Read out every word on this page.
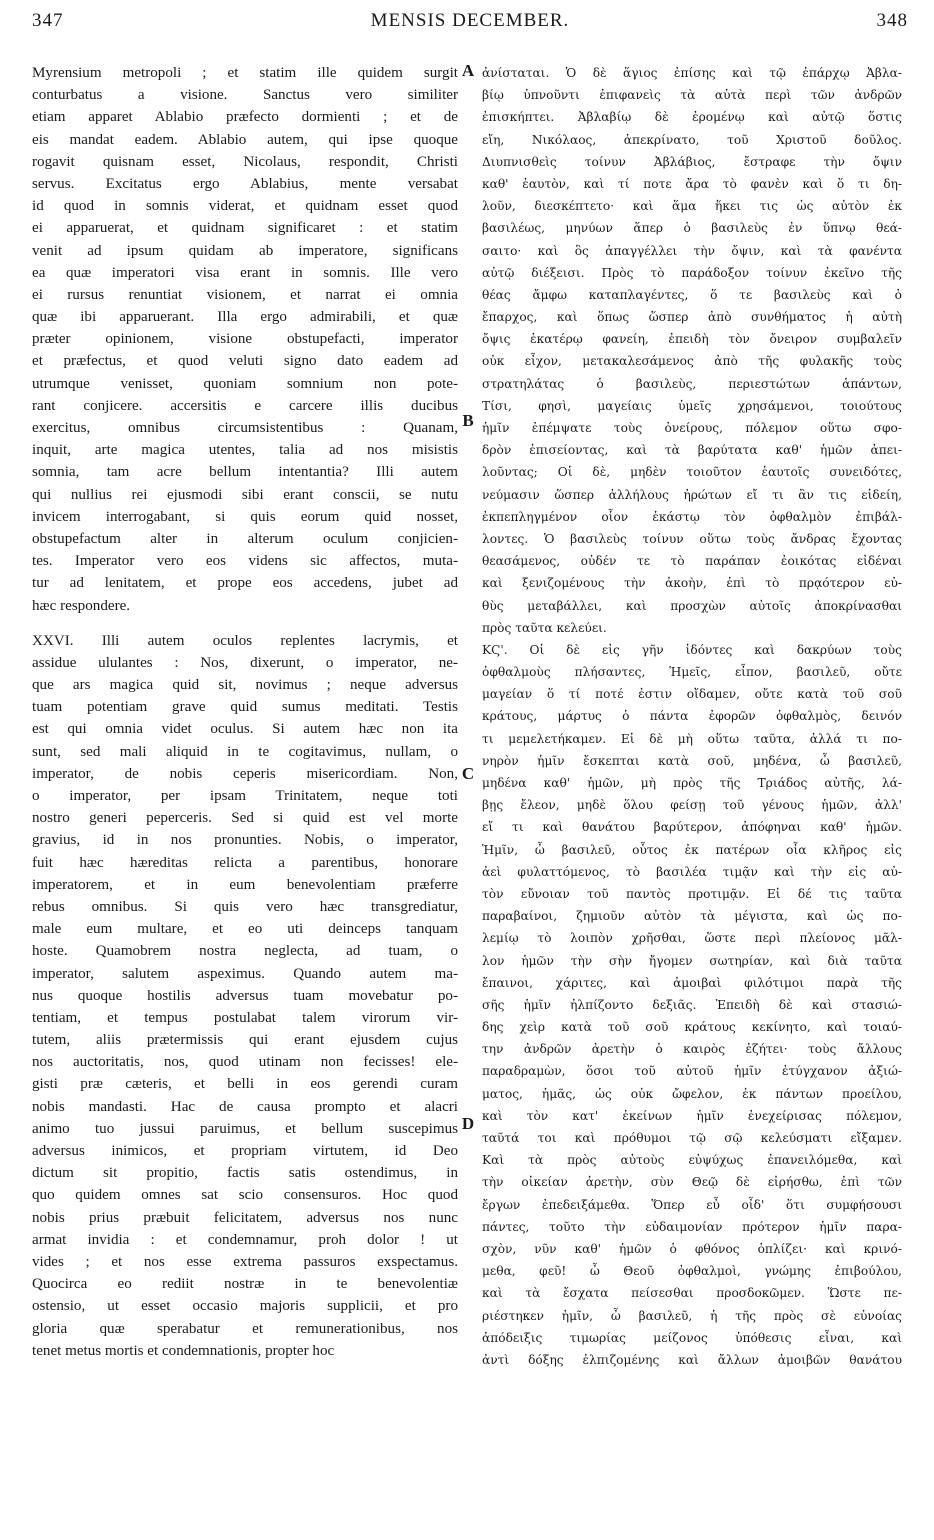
347	MENSIS DECEMBER.	348
Myrensium metropoli ; et statim ille quidem surgit
conturbatus a visione. Sanctus vero similiter
etiam apparet Ablabio præfecto dormienti ; et de
eis mandat eadem. Ablabio autem, qui ipse quoque
rogavit quisnam esset, Nicolaus, respondit, Christi
servus. Excitatus ergo Ablabius, mente versabat
id quod in somnis viderat, et quidnam esset quod
ei apparuerat, et quidnam significaret : et statim
venit ad ipsum quidam ab imperatore, significans
ea quæ imperatori visa erant in somnis. Ille vero
ei rursus renuntiat visionem, et narrat ei omnia
quæ ibi apparuerant. Illa ergo admirabili, et quæ
præter opinionem, visione obstupefacti, imperator
et præfectus, et quod veluti signo dato eadem ad
utrumque venisset, quoniam somnium non pote-
rant conjicere. accersitis e carcere illis ducibus
exercitus, omnibus circumsistentibus : Quanam,
inquit, arte magica utentes, talia ad nos misistis
somnia, tam acre bellum intentantia? Illi autem
qui nullius rei ejusmodi sibi erant conscii, se nutu
invicem interrogabant, si quis eorum quid nosset,
obstupefactum alter in alterum oculum conjicien-
tes. Imperator vero eos videns sic affectos, muta-
tur ad lenitatem, et prope eos accedens, jubet ad
hæc respondere.
XXVI. Illi autem oculos replentes lacrymis, et
assidue ululantes : Nos, dixerunt, o imperator, ne-
que ars magica quid sit, novimus ; neque adversus
tuam potentiam grave quid sumus meditati. Testis
est qui omnia videt oculus. Si autem hæc non ita
sunt, sed mali aliquid in te cogitavimus, nullam, o
imperator, de nobis ceperis misericordiam. Non,
o imperator, per ipsam Trinitatem, neque toti
nostro generi peperceris. Sed si quid est vel morte
gravius, id in nos pronunties. Nobis, o imperator,
fuit hæc hæreditas relicta a parentibus, honorare
imperatorem, et in eum benevolentiam præferre
rebus omnibus. Si quis vero hæc transgrediatur,
male eum multare, et eo uti deinceps tanquam
hoste. Quamobrem nostra neglecta, ad tuam, o
imperator, salutem aspeximus. Quando autem ma-
nus quoque hostilis adversus tuam movebatur po-
tentiam, et tempus postulabat talem virorum vir-
tutem, aliis prætermissis qui erant ejusdem cujus
nos auctoritatis, nos, quod utinam non fecisses! ele-
gisti præ cæteris, et belli in eos gerendi curam
nobis mandasti. Hac de causa prompto et alacri
animo tuo jussui paruimus, et bellum suscepimus
adversus inimicos, et propriam virtutem, id Deo
dictum sit propitio, factis satis ostendimus, in
quo quidem omnes sat scio consensuros. Hoc quod
nobis prius præbuit felicitatem, adversus nos nunc
armat invidia : et condemnamur, proh dolor ! ut
vides ; et nos esse extrema passuros exspectamus.
Quocirca eo rediit nostræ in te benevolentiæ
ostensio, ut esset occasio majoris supplicii, et pro
gloria quæ sperabatur et remunerationibus, nos
tenet metus mortis et condemnationis, propter hoc
ἀνίσταται. Ὁ δὲ ἅγιος ἐπίσης καὶ τῷ ἐπάρχῳ Ἀβλα-
βίῳ ὑπνοῦντι ἐπιφανεὶς τὰ αὐτὰ περὶ τῶν ἀνδρῶν
ἐπισκήπτει. Ἀβλαβίῳ δὲ ἐρομένῳ καὶ αὐτῷ ὅστις
εἴη, Νικόλαος, ἀπεκρίνατο, τοῦ Χριστοῦ δοῦλος.
Διυπνισθεὶς τοίνυν Ἀβλάβιος, ἔστραφε τὴν ὄψιν
καθ' ἑαυτὸν, καὶ τί ποτε ἄρα τὸ φανὲν καὶ ὅ τι δη-
λοῦν, διεσκέπτετο· καὶ ἅμα ἥκει τις ὡς αὐτὸν ἐκ
βασιλέως, μηνύων ἅπερ ὁ βασιλεὺς ἐν ὕπνῳ θεά-
σαιτο· καὶ ὃς ἀπαγγέλλει τὴν ὄψιν, καὶ τὰ φανέντα
αὐτῷ διέξεισι. Πρὸς τὸ παράδοξον τοίνυν ἐκεῖνο τῆς
θέας ἄμφω καταπλαγέντες, ὅ τε βασιλεὺς καὶ ὁ
ἔπαρχος, καὶ ὅπως ὥσπερ ἀπὸ συνθήματος ἡ αὐτὴ
ὄψις ἑκατέρῳ φανείη, ἐπειδὴ τὸν ὄνειρον συμβαλεῖν
οὐκ εἶχον, μετακαλεσάμενος ἀπὸ τῆς φυλακῆς τοὺς
στρατηλάτας ὁ βασιλεὺς, περιεστώτων ἁπάντων,
Τίσι, φησὶ, μαγείαις ὑμεῖς χρησάμενοι, τοιούτους
ἡμῖν ἐπέμψατε τοὺς ὀνείρους, πόλεμον οὕτω σφο-
δρὸν ἐπισείοντας, καὶ τὰ βαρύτατα καθ' ἡμῶν ἀπει-
λοῦντας; Οἱ δὲ, μηδὲν τοιοῦτον ἑαυτοῖς συνειδότες,
νεύμασιν ὥσπερ ἀλλήλους ἠρώτων εἴ τι ἂν τις εἰδείη,
ἐκπεπληγμένον οἷον ἑκάστῳ τὸν ὀφθαλμὸν ἐπιβάλ-
λοντες. Ὁ βασιλεὺς τοίνυν οὕτω τοὺς ἄνδρας ἔχοντας
θεασάμενος, οὐδέν τε τὸ παράπαν ἐοικότας εἰδέναι
καὶ ξενιζομένους τὴν ἀκοὴν, ἐπὶ τὸ πρᾳότερον εὐ-
θὺς μεταβάλλει, καὶ προσχὼν αὐτοῖς ἀποκρίνασθαι
πρὸς ταῦτα κελεύει.
ΚϚ'. Οἱ δὲ εἰς γῆν ἰδόντες καὶ δακρύων τοὺς
ὀφθαλμοὺς πλήσαντες, Ἡμεῖς, εἶπον, βασιλεῦ, οὔτε
μαγείαν ὅ τί ποτέ ἐστιν οἴδαμεν, οὔτε κατὰ τοῦ σοῦ
κράτους, μάρτυς ὁ πάντα ἐφορῶν ὀφθαλμὸς, δεινόν
τι μεμελετήκαμεν. Εἰ δὲ μὴ οὕτω ταῦτα, ἀλλά τι πο-
νηρὸν ἡμῖν ἔσκεπται κατὰ σοῦ, μηδένα, ὦ βασιλεῦ,
μηδένα καθ' ἡμῶν, μὴ πρὸς τῆς Τριάδος αὐτῆς, λά-
βῃς ἔλεον, μηδὲ ὅλου φείσῃ τοῦ γένους ἡμῶν, ἀλλ'
εἴ τι καὶ θανάτου βαρύτερον, ἀπόφηναι καθ' ἡμῶν.
Ἡμῖν, ὦ βασιλεῦ, οὗτος ἐκ πατέρων οἷα κλῆρος εἰς
ἀεὶ φυλαττόμενος, τὸ βασιλέα τιμᾷν καὶ τὴν εἰς αὐ-
τὸν εὔνοιαν τοῦ παντὸς προτιμᾷν. Εἰ δέ τις ταῦτα
παραβαίνοι, ζημιοῦν αὐτὸν τὰ μέγιστα, καὶ ὡς πο-
λεμίῳ τὸ λοιπὸν χρῆσθαι, ὥστε περὶ πλείονος μᾶλ-
λον ἡμῶν τὴν σὴν ἤγομεν σωτηρίαν, καὶ διὰ ταῦτα
ἔπαινοι, χάριτες, καὶ ἀμοιβαὶ φιλότιμοι παρὰ τῆς
σῆς ἡμῖν ἠλπίζοντο δεξιᾶς. Ἐπειδὴ δὲ καὶ στασιώ-
δης χεὶρ κατὰ τοῦ σοῦ κράτους κεκίνητο, καὶ τοιαύ-
την ἀνδρῶν ἀρετὴν ὁ καιρὸς ἐζήτει· τοὺς ἄλλους
παραδραμὼν, ὅσοι τοῦ αὐτοῦ ἡμῖν ἐτύγχανον ἀξιώ-
ματος, ἡμᾶς, ὡς οὐκ ὤφελον, ἐκ πάντων προείλου,
καὶ τὸν κατ' ἐκείνων ἡμῖν ἐνεχείρισας πόλεμον,
ταῦτά τοι καὶ πρόθυμοι τῷ σῷ κελεύσματι εἴξαμεν.
Καὶ τὰ πρὸς αὐτοὺς εὐψύχως ἐπανειλόμεθα, καὶ
τὴν οἰκείαν ἀρετὴν, σὺν Θεῷ δὲ εἰρήσθω, ἐπὶ τῶν
ἔργων ἐπεδειξάμεθα. Ὅπερ εὖ οἶδ' ὅτι συμφήσουσι
πάντες, τοῦτο τὴν εὐδαιμονίαν πρότερον ἡμῖν παρα-
σχὸν, νῦν καθ' ἡμῶν ὁ φθόνος ὁπλίζει· καὶ κρινό-
μεθα, φεῦ! ὦ Θεοῦ ὀφθαλμοὶ, γνώμης ἐπιβούλου,
καὶ τὰ ἔσχατα πείσεσθαι προσδοκῶμεν. Ὥστε πε-
ριέστηκεν ἡμῖν, ὦ βασιλεῦ, ἡ τῆς πρὸς σὲ εὐνοίας
ἀπόδειξις τιμωρίας μείζονος ὑπόθεσις εἶναι, καὶ
ἀντὶ δόξης ἐλπιζομένης καὶ ἄλλων ἀμοιβῶν θανάτου
A
B
C
D
